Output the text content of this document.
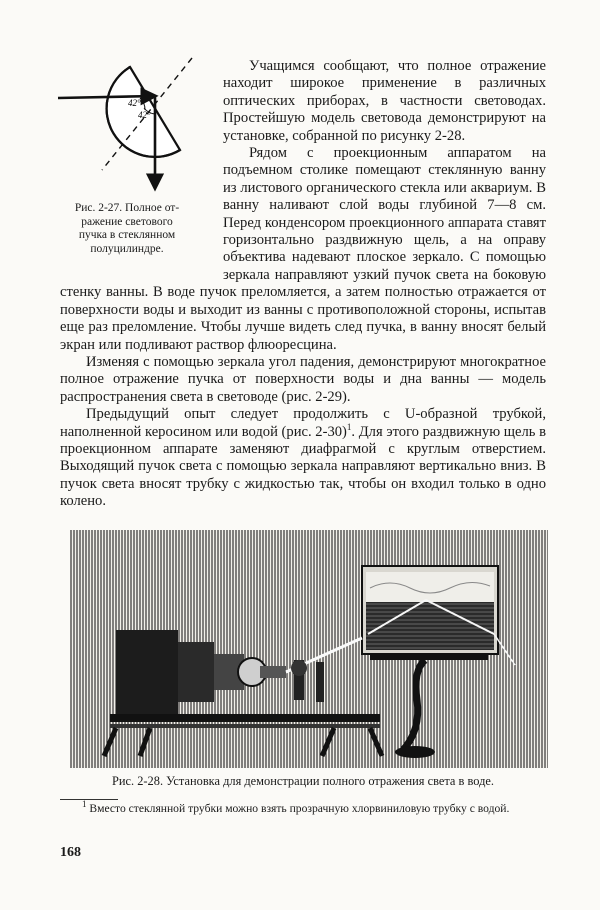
42°
42°
Рис. 2-27. Полное от-
ражение светового
пучка в стеклянном
полуцилиндре.

Учащимся сообщают, что полное отражение находит широкое применение в различных оптических приборах, в частности световодах. Простейшую модель световода демонстрируют на установке, собранной по рисунку 2-28.

Рядом с проекционным аппаратом на подъемном столике помещают стеклянную ванну из листового органического стекла или аквариум. В ванну наливают слой воды глубиной 7—8 см. Перед конденсором проекционного аппарата ставят горизонтально раздвижную щель, а на оправу объектива надевают плоское зеркало. С помощью зеркала направляют узкий пучок света на боковую стенку ванны. В воде пучок преломляется, а затем полностью отражается от поверхности воды и выходит из ванны с противоположной стороны, испытав еще раз преломление. Чтобы лучше видеть след пучка, в ванну вносят белый экран или подливают раствор флюоресцина.

Изменяя с помощью зеркала угол падения, демонстрируют многократное полное отражение пучка от поверхности воды и дна ванны — модель распространения света в световоде (рис. 2-29).

Предыдущий опыт следует продолжить с U-образной трубкой, наполненной керосином или водой (рис. 2-30)$^1$. Для этого раздвижную щель в проекционном аппарате заменяют диафрагмой с круглым отверстием. Выходящий пучок света с помощью зеркала направляют вертикально вниз. В пучок света вносят трубку с жидкостью так, чтобы он входил только в одно колено.

Рис. 2-28. Установка для демонстрации полного отражения света в воде.
$^1$ Вместо стеклянной трубки можно взять прозрачную хлорвиниловую трубку с водой.
168
